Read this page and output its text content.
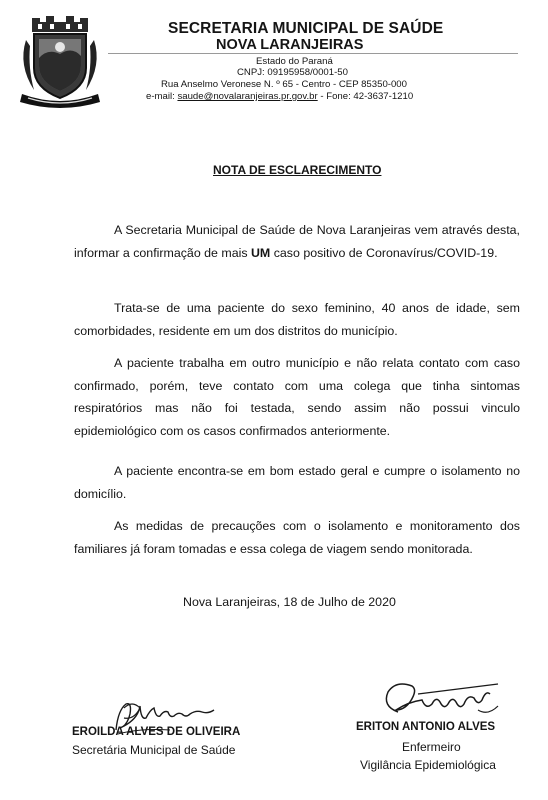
SECRETARIA MUNICIPAL DE SAÚDE
NOVA LARANJEIRAS
Estado do Paraná
CNPJ: 09195958/0001-50
Rua Anselmo Veronese N. º 65 - Centro - CEP 85350-000
e-mail: saude@novalaranjeiras.pr.gov.br - Fone: 42-3637-1210
NOTA DE ESCLARECIMENTO
A Secretaria Municipal de Saúde de Nova Laranjeiras vem através desta, informar a confirmação de mais UM caso positivo de Coronavírus/COVID-19.
Trata-se de uma paciente do sexo feminino, 40 anos de idade, sem comorbidades, residente em um dos distritos do município.
A paciente trabalha em outro município e não relata contato com caso confirmado, porém, teve contato com uma colega que tinha sintomas respiratórios mas não foi testada, sendo assim não possui vinculo epidemiológico com os casos confirmados anteriormente.
A paciente encontra-se em bom estado geral e cumpre o isolamento no domicílio.
As medidas de precauções com o isolamento e monitoramento dos familiares já foram tomadas e essa colega de viagem sendo monitorada.
Nova Laranjeiras, 18 de Julho de 2020
EROILDA ALVES DE OLIVEIRA
Secretária Municipal de Saúde
ERITON ANTONIO ALVES
Enfermeiro
Vigilância Epidemiológica
